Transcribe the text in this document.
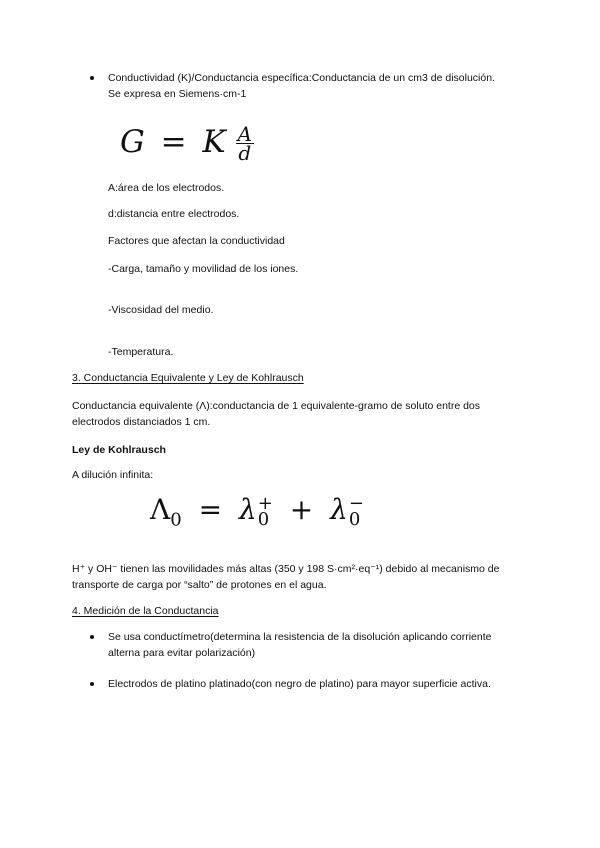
Conductividad (K)/Conductancia específica:Conductancia de un cm3 de disolución.
Se expresa en Siemens·cm-1
G = K $\frac{A}{d}$
A:área de los electrodos.
d:distancia entre electrodos.
Factores que afectan la conductividad
-Carga, tamaño y movilidad de los iones.
-Viscosidad del medio.
-Temperatura.
3. Conductancia Equivalente y Ley de Kohlrausch
Conductancia equivalente (Λ):conductancia de 1 equivalente-gramo de soluto entre dos
electrodos distanciados 1 cm.
Ley de Kohlrausch
A dilución infinita:
$\Lambda_0 = \lambda$ +
0 + λ −
0
H⁺ y OH⁻ tienen las movilidades más altas (350 y 198 S·cm²·eq⁻¹) debido al mecanismo de
transporte de carga por “salto” de protones en el agua.
4. Medición de la Conductancia
Se usa conductímetro(determina la resistencia de la disolución aplicando corriente
alterna para evitar polarización)
Electrodos de platino platinado(con negro de platino) para mayor superficie activa.
